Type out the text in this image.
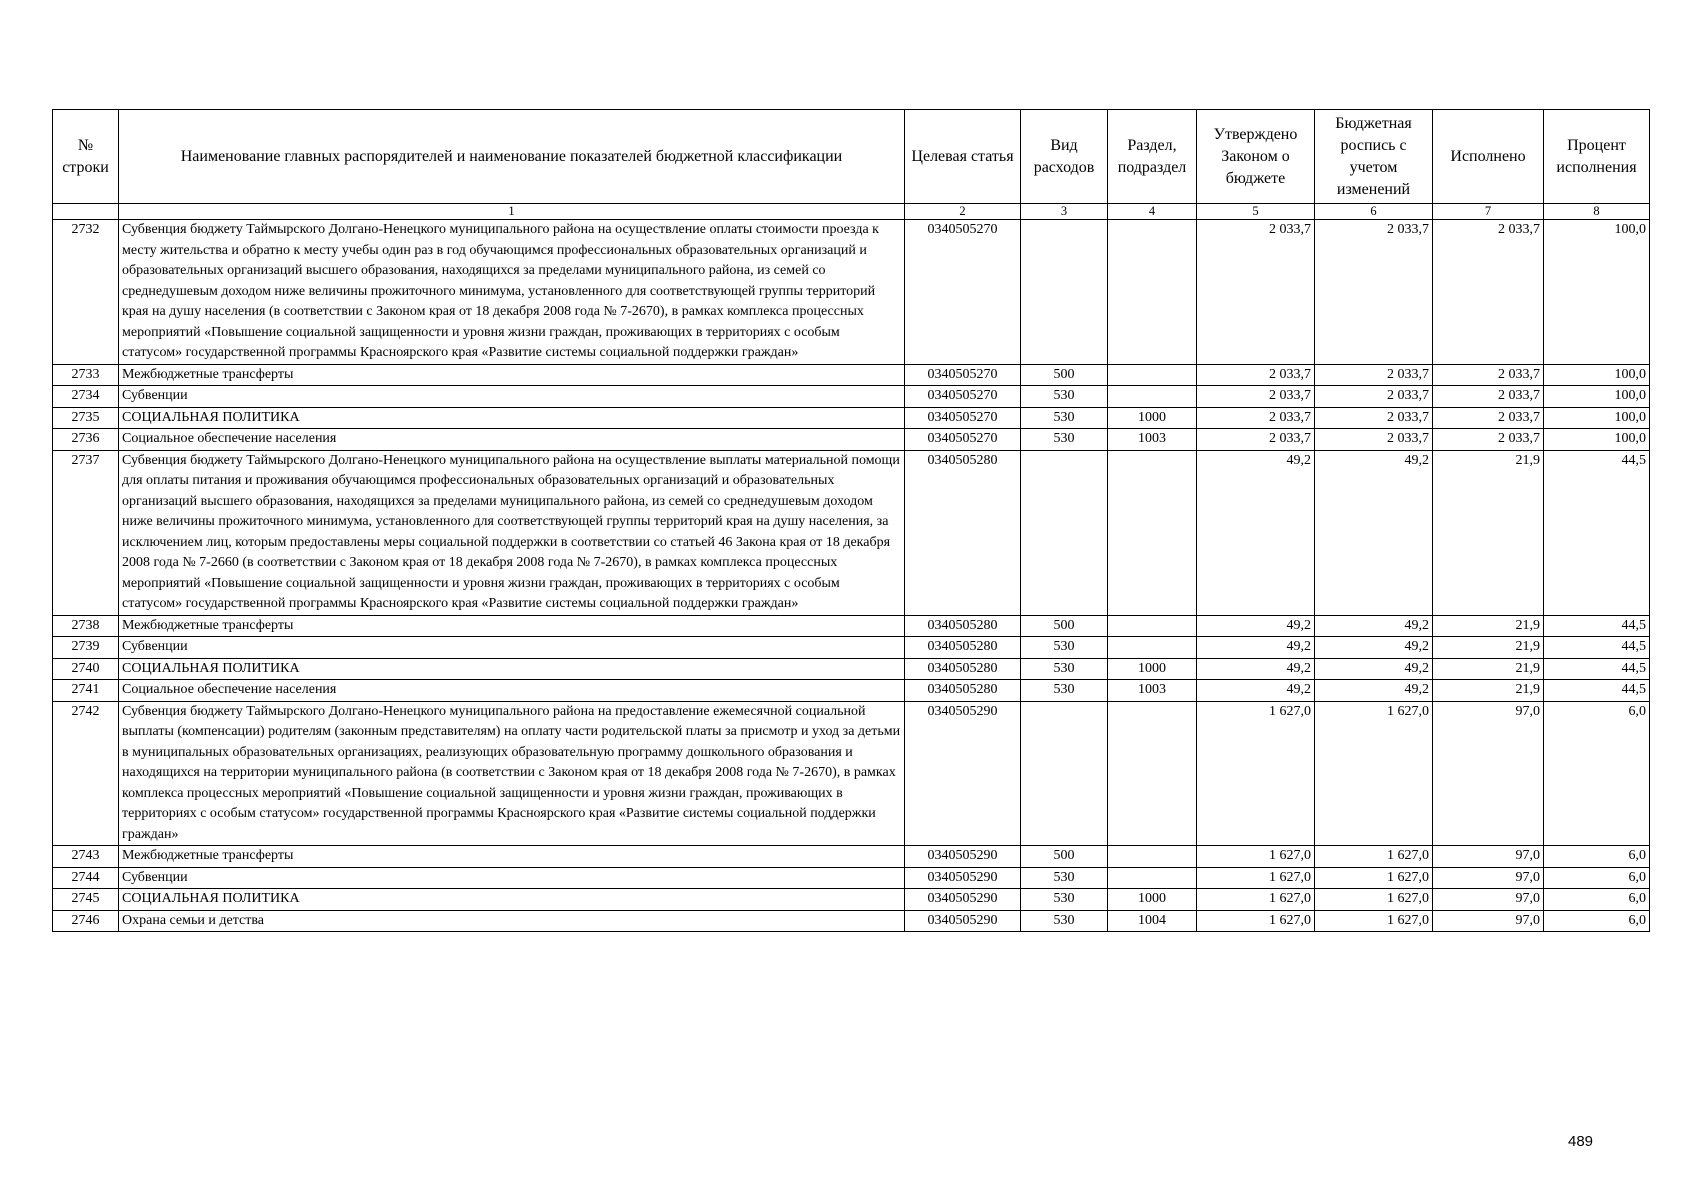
№ строки	Наименование главных распорядителей и наименование показателей бюджетной классификации	Целевая статья	Вид расходов	Раздел, подраздел	Утверждено Законом о бюджете	Бюджетная роспись с учетом изменений	Исполнено	Процент исполнения
	1	2	3	4	5	6	7	8
2732	Субвенция бюджету Таймырского Долгано-Ненецкого муниципального района на осуществление оплаты стоимости проезда к месту жительства и обратно к месту учебы один раз в год обучающимся профессиональных образовательных организаций и образовательных организаций высшего образования, находящихся за пределами муниципального района, из семей со среднедушевым доходом ниже величины прожиточного минимума, установленного для соответствующей группы территорий края на душу населения (в соответствии с Законом края от 18 декабря 2008 года № 7-2670), в рамках комплекса процессных мероприятий «Повышение социальной защищенности и уровня жизни граждан, проживающих в территориях с особым статусом» государственной программы Красноярского края «Развитие системы социальной поддержки граждан»	0340505270			2 033,7	2 033,7	2 033,7	100,0
2733	Межбюджетные трансферты	0340505270	500		2 033,7	2 033,7	2 033,7	100,0
2734	Субвенции	0340505270	530		2 033,7	2 033,7	2 033,7	100,0
2735	СОЦИАЛЬНАЯ ПОЛИТИКА	0340505270	530	1000	2 033,7	2 033,7	2 033,7	100,0
2736	Социальное обеспечение населения	0340505270	530	1003	2 033,7	2 033,7	2 033,7	100,0
2737	Субвенция бюджету Таймырского Долгано-Ненецкого муниципального района на осуществление выплаты материальной помощи для оплаты питания и проживания обучающимся профессиональных образовательных организаций и образовательных организаций высшего образования, находящихся за пределами муниципального района, из семей со среднедушевым доходом ниже величины прожиточного минимума, установленного для соответствующей группы территорий края на душу населения, за исключением лиц, которым предоставлены меры социальной поддержки в соответствии со статьей 46 Закона края от 18 декабря 2008 года № 7-2660 (в соответствии с Законом края от 18 декабря 2008 года № 7-2670), в рамках комплекса процессных мероприятий «Повышение социальной защищенности и уровня жизни граждан, проживающих в территориях с особым статусом» государственной программы Красноярского края «Развитие системы социальной поддержки граждан»	0340505280			49,2	49,2	21,9	44,5
2738	Межбюджетные трансферты	0340505280	500		49,2	49,2	21,9	44,5
2739	Субвенции	0340505280	530		49,2	49,2	21,9	44,5
2740	СОЦИАЛЬНАЯ ПОЛИТИКА	0340505280	530	1000	49,2	49,2	21,9	44,5
2741	Социальное обеспечение населения	0340505280	530	1003	49,2	49,2	21,9	44,5
2742	Субвенция бюджету Таймырского Долгано-Ненецкого муниципального района на предоставление ежемесячной социальной выплаты (компенсации) родителям (законным представителям) на оплату части родительской платы за присмотр и уход за детьми в муниципальных образовательных организациях, реализующих образовательную программу дошкольного образования и находящихся на территории муниципального района (в соответствии с Законом края от 18 декабря 2008 года № 7-2670), в рамках комплекса процессных мероприятий «Повышение социальной защищенности и уровня жизни граждан, проживающих в территориях с особым статусом» государственной программы Красноярского края «Развитие системы социальной поддержки граждан»	0340505290			1 627,0	1 627,0	97,0	6,0
2743	Межбюджетные трансферты	0340505290	500		1 627,0	1 627,0	97,0	6,0
2744	Субвенции	0340505290	530		1 627,0	1 627,0	97,0	6,0
2745	СОЦИАЛЬНАЯ ПОЛИТИКА	0340505290	530	1000	1 627,0	1 627,0	97,0	6,0
2746	Охрана семьи и детства	0340505290	530	1004	1 627,0	1 627,0	97,0	6,0
489
